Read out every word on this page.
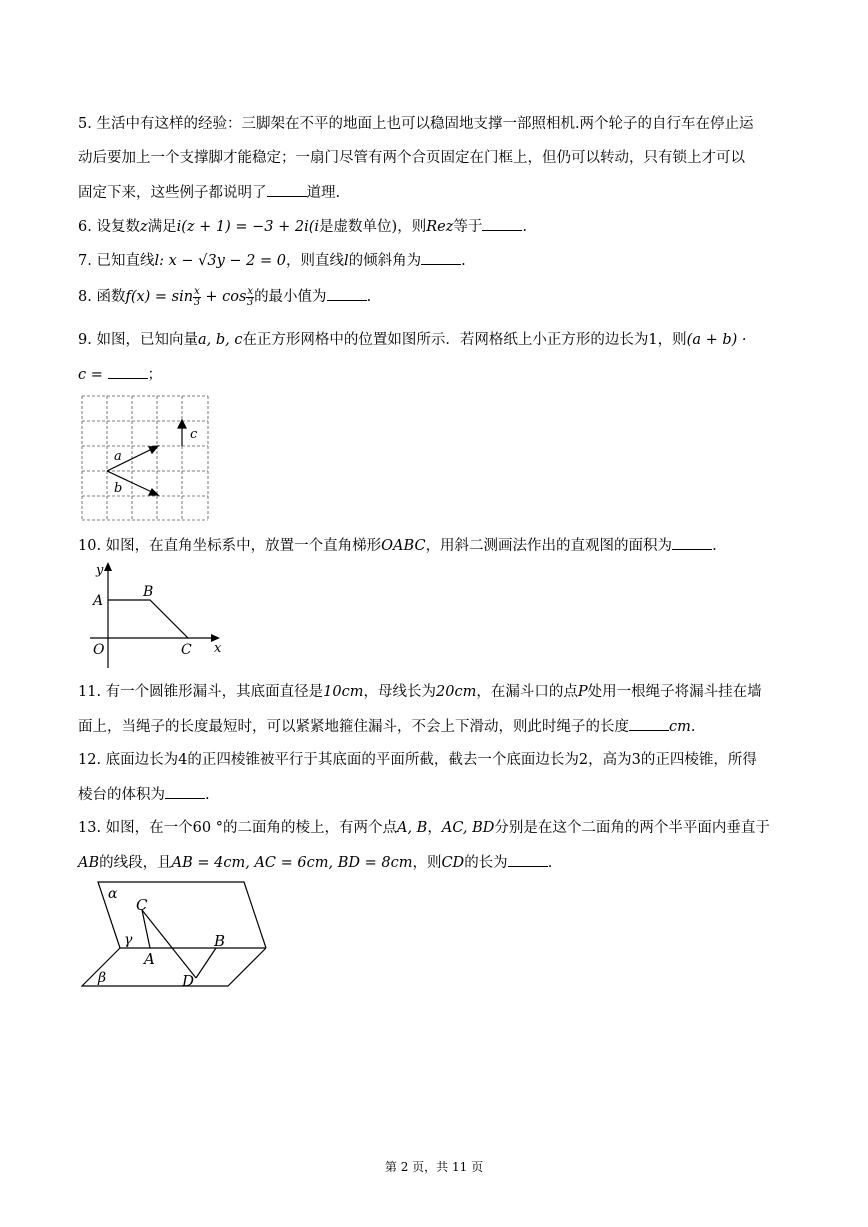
5. 生活中有这样的经验：三脚架在不平的地面上也可以稳固地支撑一部照相机.两个轮子的自行车在停止运
动后要加上一个支撑脚才能稳定；一扇门尽管有两个合页固定在门框上，但仍可以转动，只有锁上才可以
固定下来，这些例子都说明了	道理.
6. 设复数z满足i(z + 1) = −3 + 2i(i是虚数单位)，则Rez等于	.
7. 已知直线l: x − √3y − 2 = 0，则直线l的倾斜角为	.
8. 函数$f(x) = \sin \frac{x}{3} + \cos \frac{x}{3}$ 的最小值为	.
9. 如图，已知向量a, b, c在正方形网格中的位置如图所示．若网格纸上小正方形的边长为1，则(a + b) ·
c =	；
a
b
c
10. 如图，在直角坐标系中，放置一个直角梯形OABC，用斜二测画法作出的直观图的面积为	.
y
x
A
B
C
O
11. 有一个圆锥形漏斗，其底面直径是10cm，母线长为20cm，在漏斗口的点P处用一根绳子将漏斗挂在墙
面上，当绳子的长度最短时，可以紧紧地箍住漏斗，不会上下滑动，则此时绳子的长度	cm.
12. 底面边长为4的正四棱锥被平行于其底面的平面所截，截去一个底面边长为2，高为3的正四棱锥，所得
棱台的体积为	.
13. 如图，在一个60 °的二面角的棱上，有两个点A, B，AC, BD分别是在这个二面角的两个半平面内垂直于
AB的线段，且AB = 4cm, AC = 6cm, BD = 8cm，则CD的长为	.
α
β
γ
C
A
B
D
第 2 页，共 11 页
